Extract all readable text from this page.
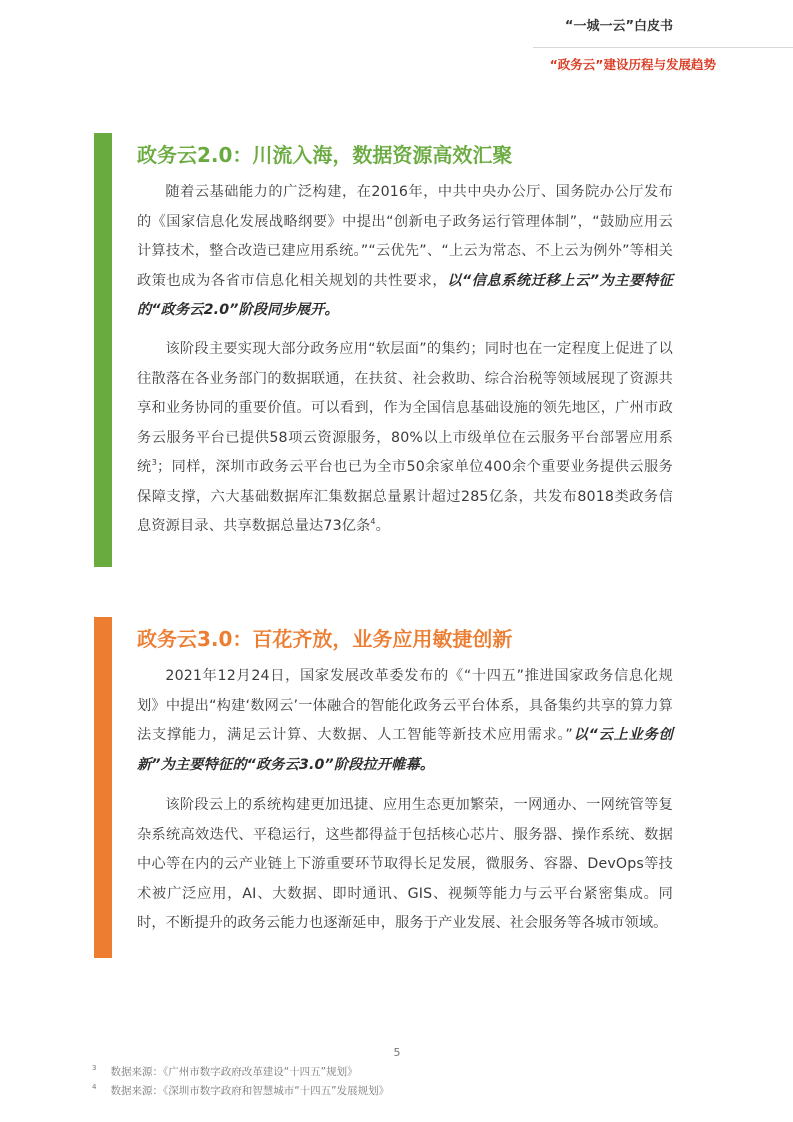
“一城一云”白皮书
“政务云”建设历程与发展趋势
政务云2.0：川流入海，数据资源高效汇聚

随着云基础能力的广泛构建，在2016年，中共中央办公厅、国务院办公厅发布的《国家信息化发展战略纲要》中提出“创新电子政务运行管理体制”，“鼓励应用云计算技术，整合改造已建应用系统。”“云优先”、“上云为常态、不上云为例外”等相关政策也成为各省市信息化相关规划的共性要求，以“信息系统迁移上云”为主要特征的“政务云2.0”阶段同步展开。

该阶段主要实现大部分政务应用“软层面”的集约；同时也在一定程度上促进了以往散落在各业务部门的数据联通，在扶贫、社会救助、综合治税等领域展现了资源共享和业务协同的重要价值。可以看到，作为全国信息基础设施的领先地区，广州市政务云服务平台已提供58项云资源服务，80%以上市级单位在云服务平台部署应用系统$^3$；同样，深圳市政务云平台也已为全市50余家单位400余个重要业务提供云服务保障支撑，六大基础数据库汇集数据总量累计超过285亿条，共发布8018类政务信息资源目录、共享数据总量达73亿条$^4$。

政务云3.0：百花齐放，业务应用敏捷创新

2021年12月24日，国家发展改革委发布的《“十四五”推进国家政务信息化规划》中提出“构建‘数网云’一体融合的智能化政务云平台体系，具备集约共享的算力算法支撑能力，满足云计算、大数据、人工智能等新技术应用需求。”以“云上业务创新”为主要特征的“政务云3.0”阶段拉开帷幕。

该阶段云上的系统构建更加迅捷、应用生态更加繁荣，一网通办、一网统管等复杂系统高效迭代、平稳运行，这些都得益于包括核心芯片、服务器、操作系统、数据中心等在内的云产业链上下游重要环节取得长足发展，微服务、容器、DevOps等技术被广泛应用，AI、大数据、即时通讯、GIS、视频等能力与云平台紧密集成。同时，不断提升的政务云能力也逐渐延申，服务于产业发展、社会服务等各城市领域。

5
$^3$ 数据来源：《广州市数字政府改革建设“十四五”规划》
$^4$ 数据来源：《深圳市数字政府和智慧城市“十四五”发展规划》
